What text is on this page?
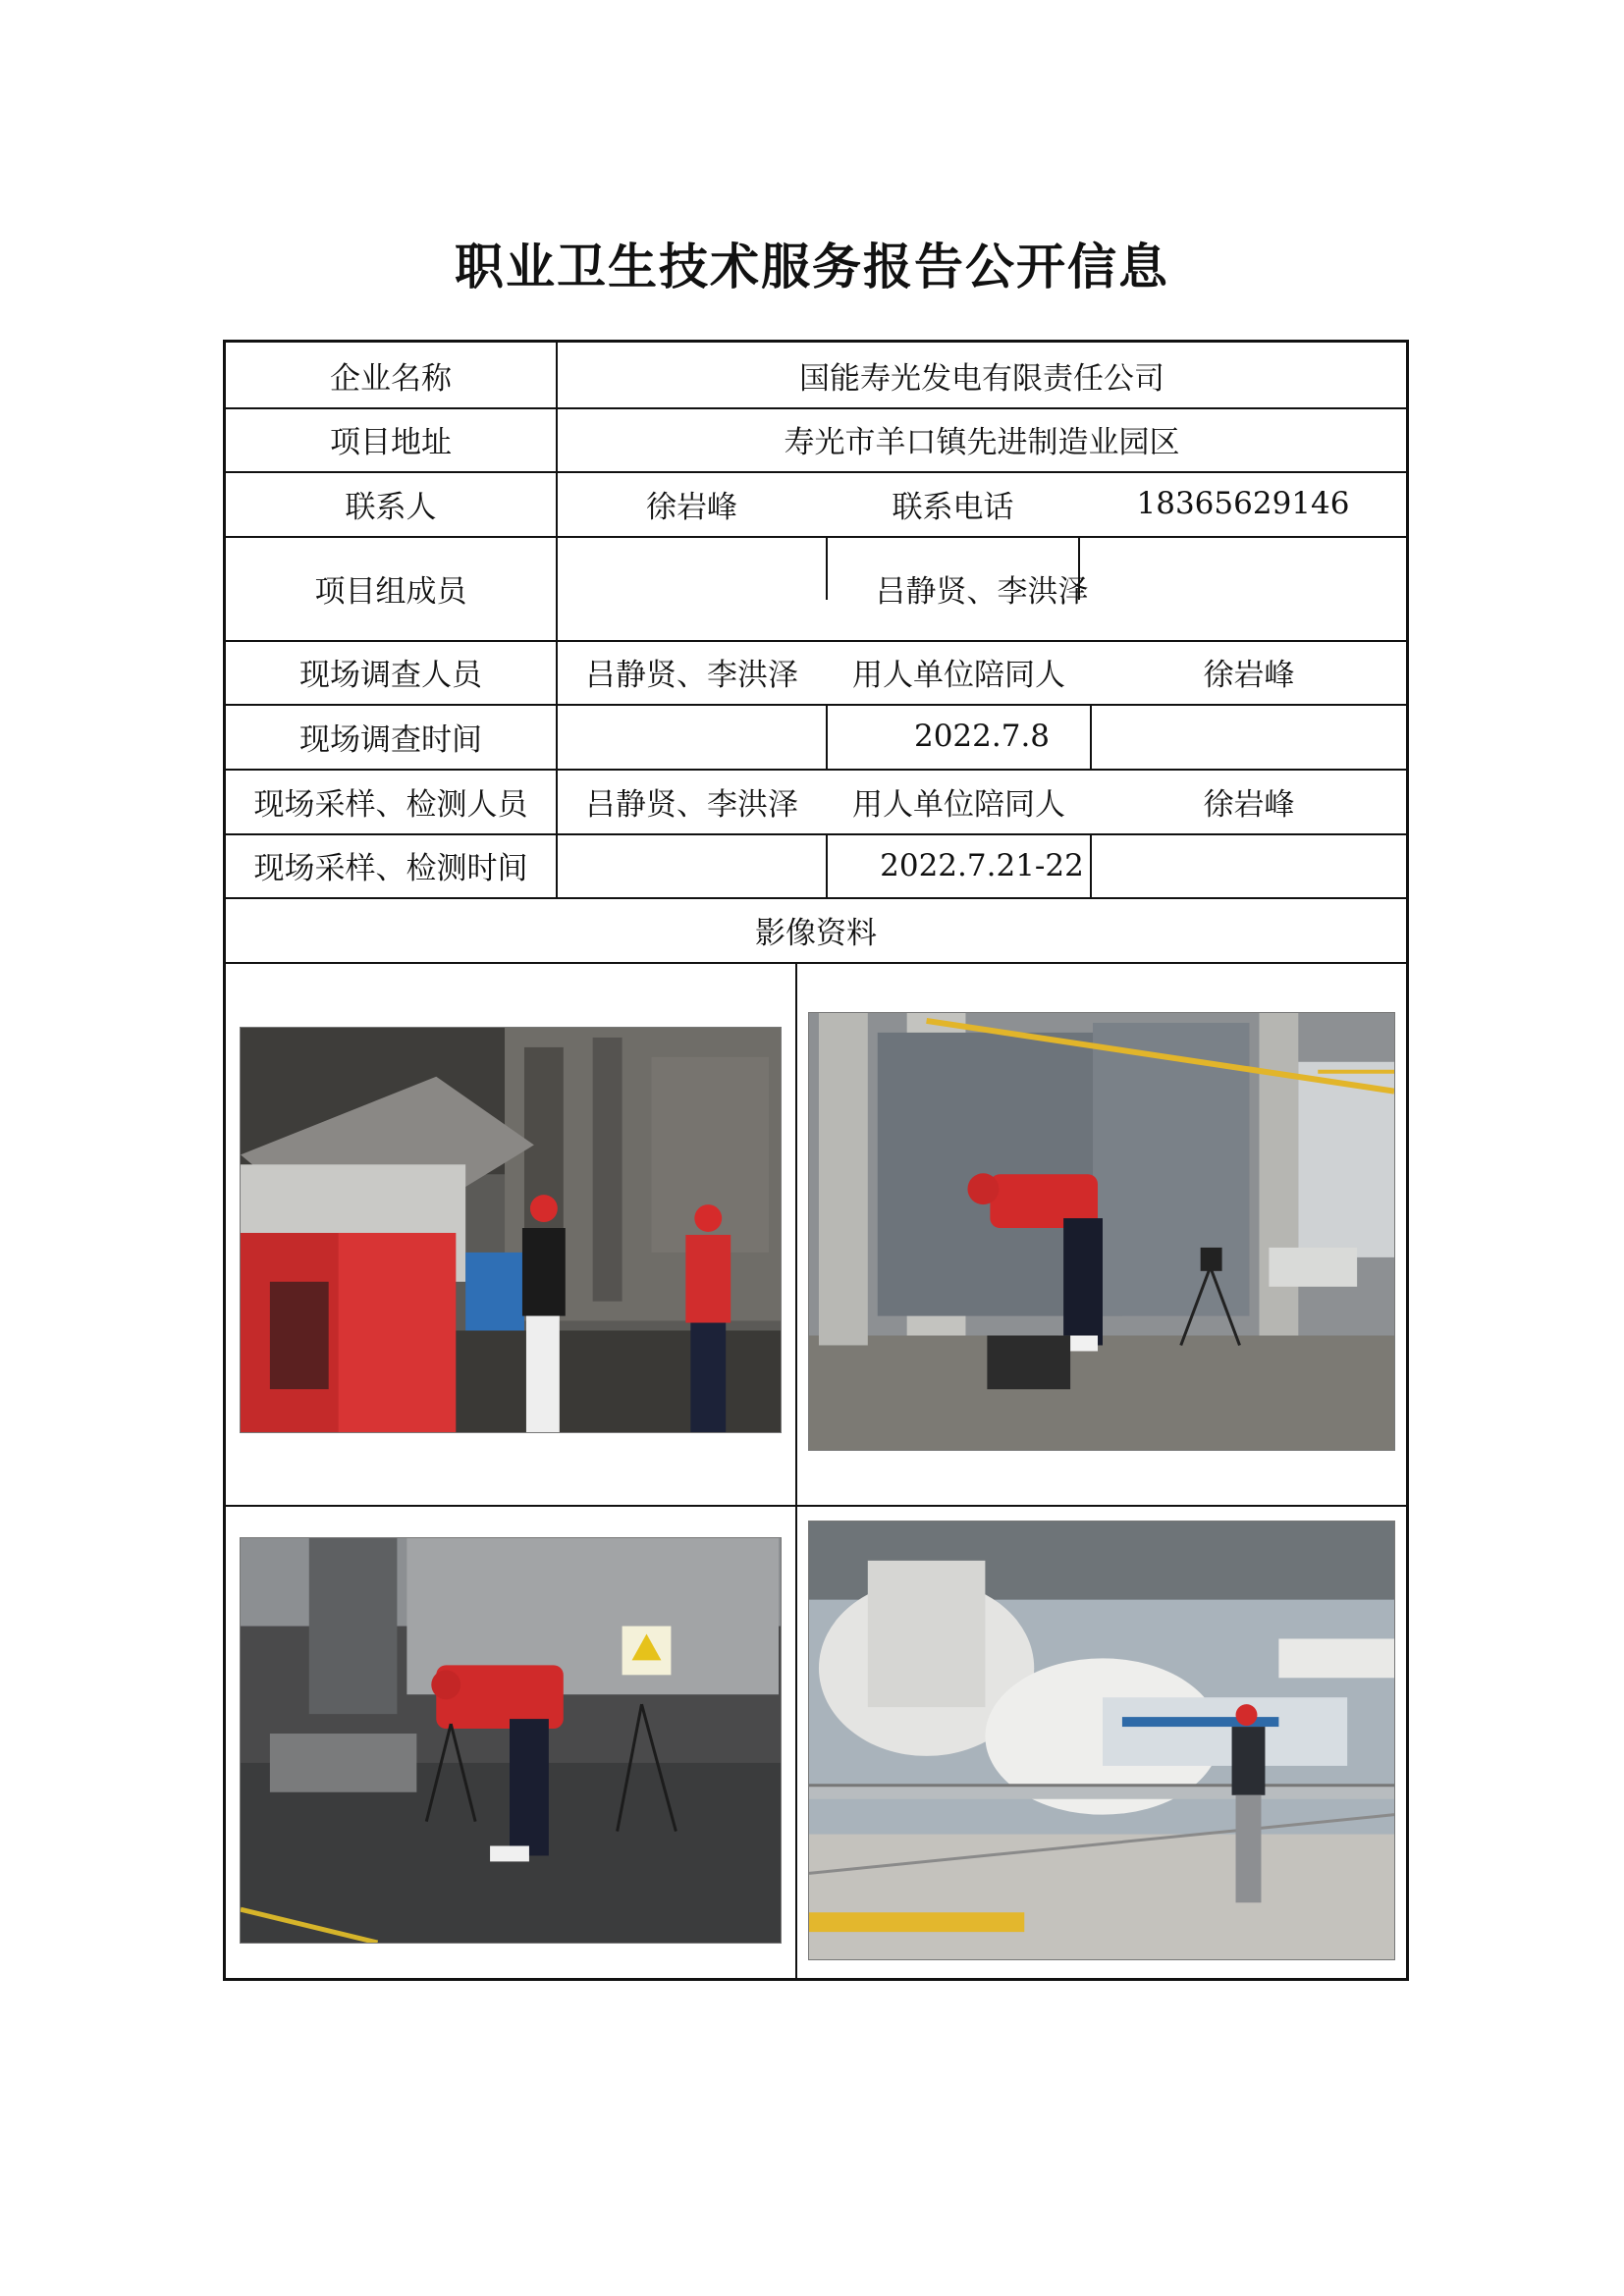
职业卫生技术服务报告公开信息
企业名称	国能寿光发电有限责任公司
项目地址	寿光市羊口镇先进制造业园区
联系人	徐岩峰	联系电话	18365629146
项目组成员	吕静贤、李洪泽
现场调查人员	吕静贤、李洪泽	用人单位陪同人	徐岩峰
现场调查时间	2022.7.8
现场采样、检测人员	吕静贤、李洪泽	用人单位陪同人	徐岩峰
现场采样、检测时间	2022.7.21-22
影像资料
